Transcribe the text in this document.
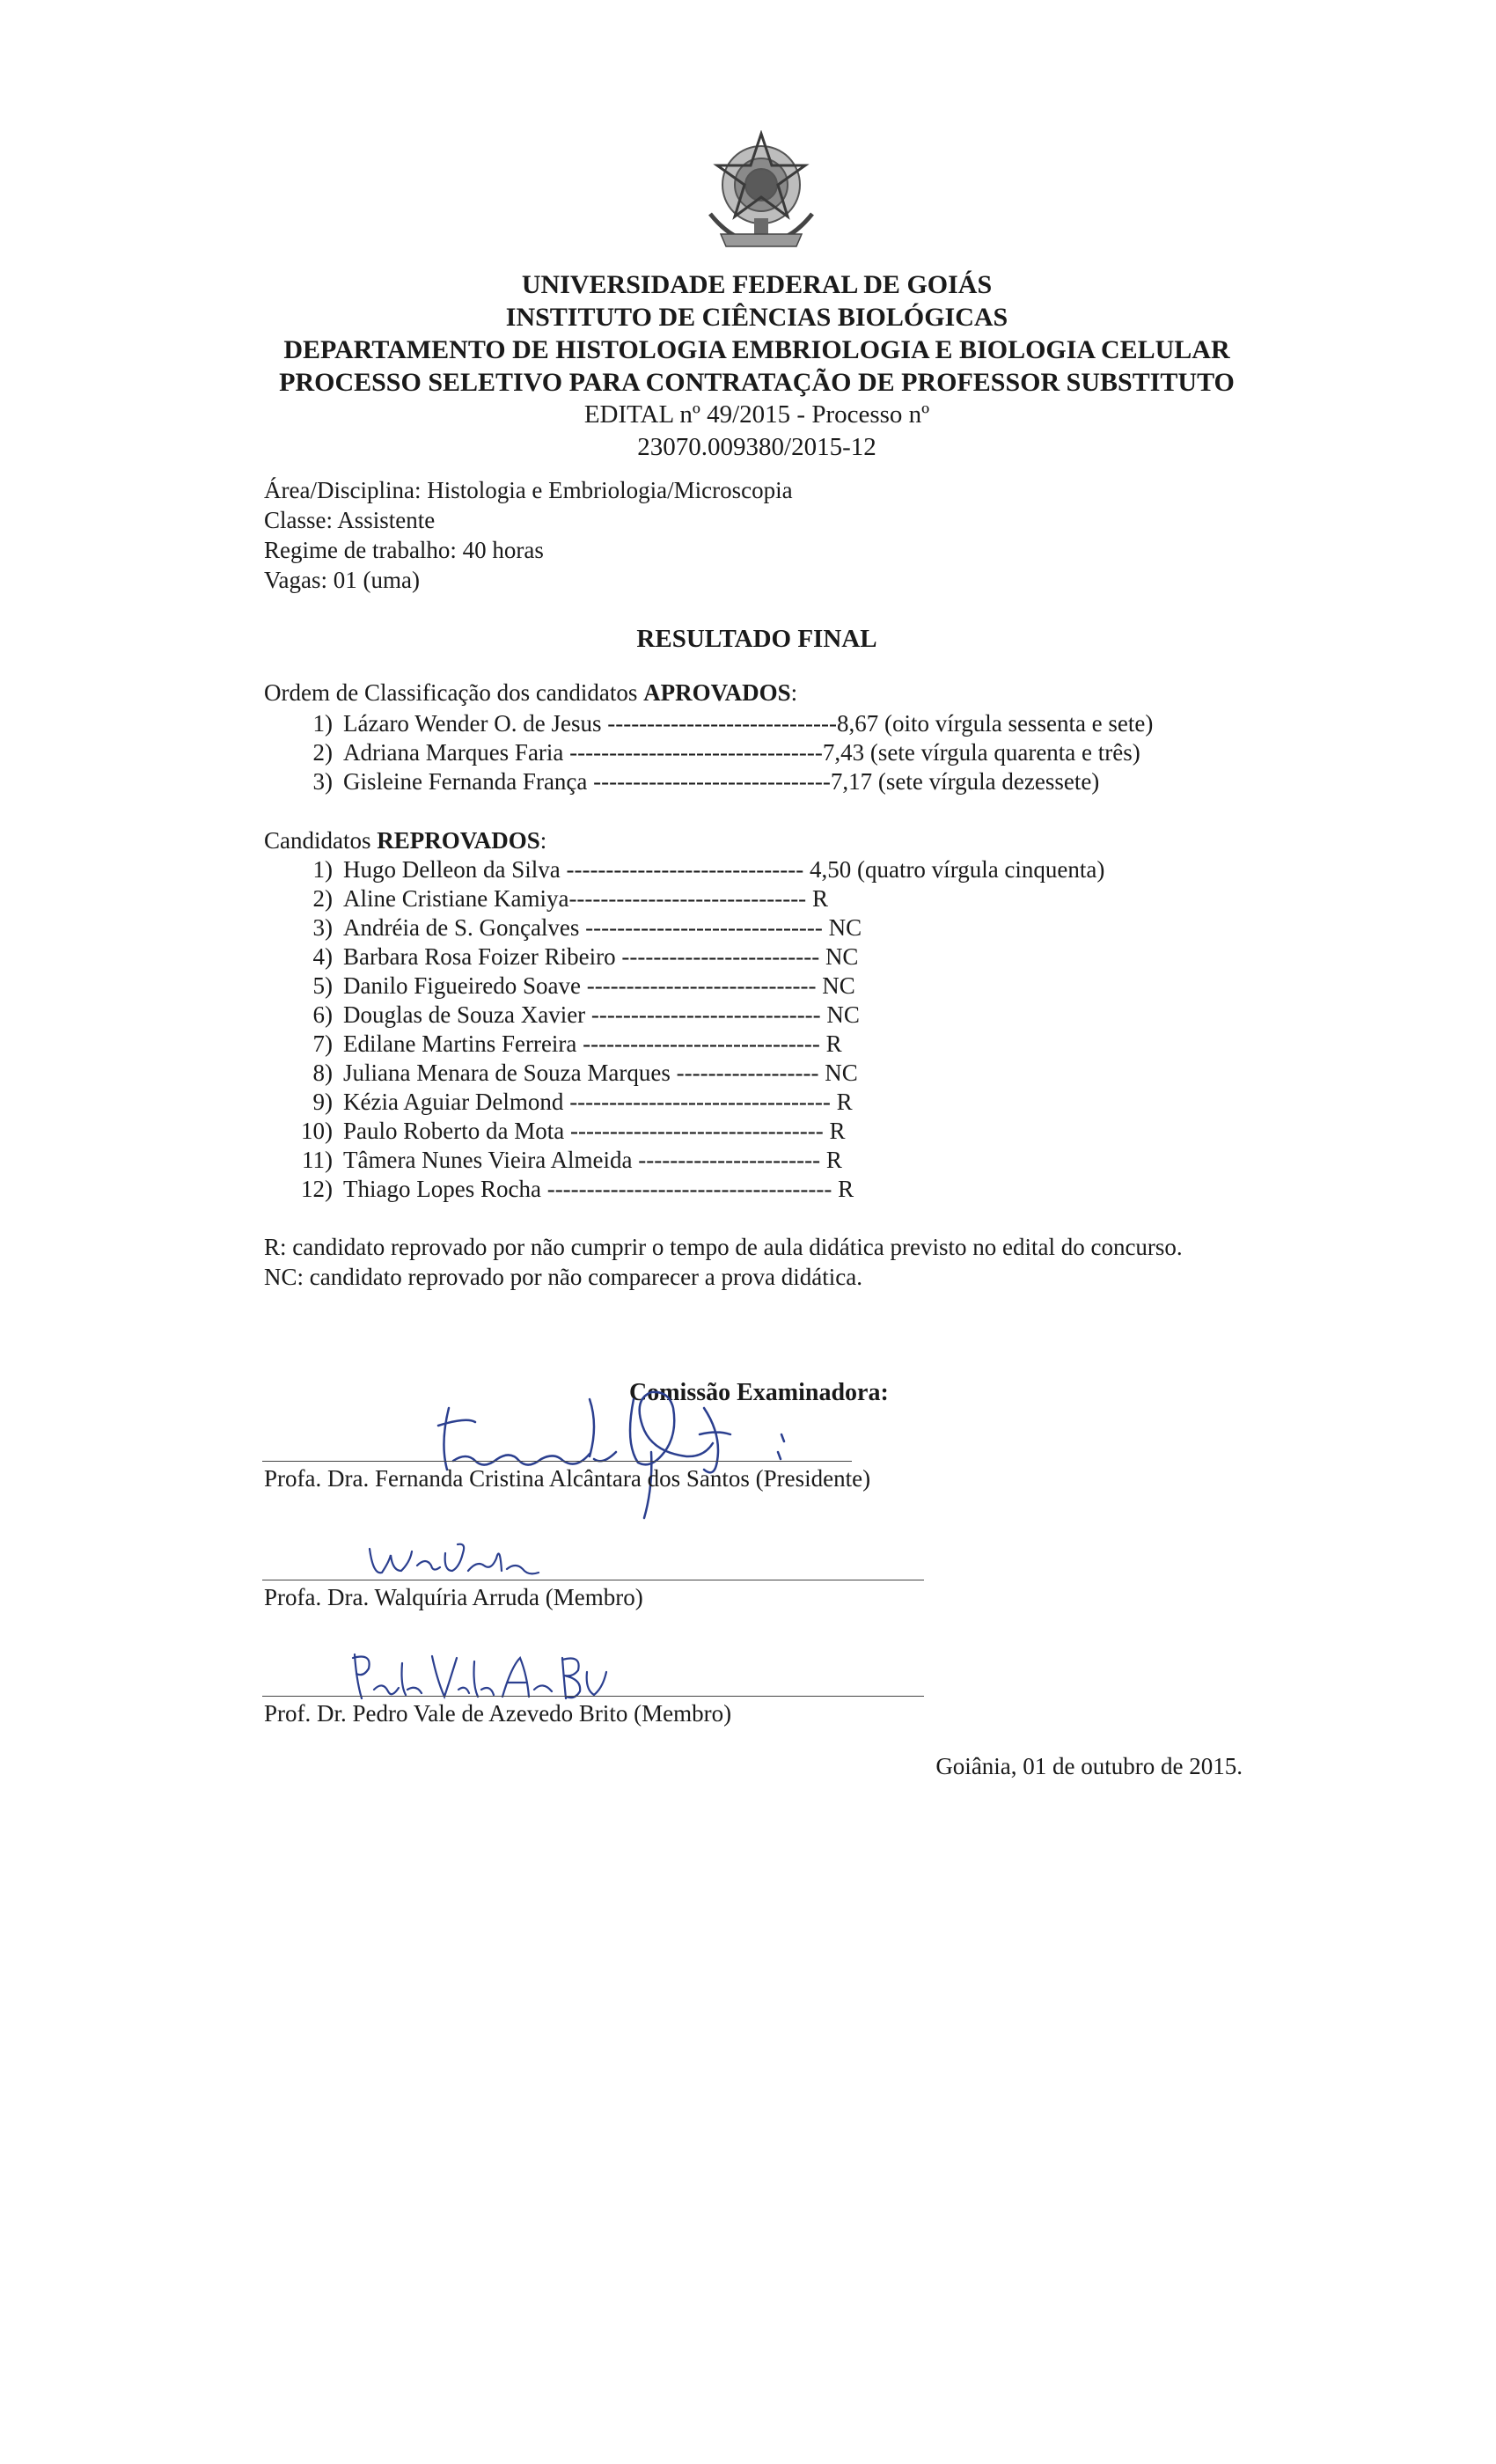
UNIVERSIDADE FEDERAL DE GOIÁS
INSTITUTO DE CIÊNCIAS BIOLÓGICAS
DEPARTAMENTO DE HISTOLOGIA EMBRIOLOGIA E BIOLOGIA CELULAR
PROCESSO SELETIVO PARA CONTRATAÇÃO DE PROFESSOR SUBSTITUTO
EDITAL nº 49/2015 - Processo nº
23070.009380/2015-12
Área/Disciplina: Histologia e Embriologia/Microscopia
Classe: Assistente
Regime de trabalho: 40 horas
Vagas: 01 (uma)
RESULTADO FINAL
Ordem de Classificação dos candidatos APROVADOS:
1) Lázaro Wender O. de Jesus
----------------------------- 8,67 (oito vírgula sessenta e sete)
2) Adriana Marques Faria
-------------------------------- 7,43 (sete vírgula quarenta e três)
3) Gisleine Fernanda França
------------------------------ 7,17 (sete vírgula dezessete)
Candidatos REPROVADOS:
1) Hugo Delleon da Silva
------------------------------
4,50 (quatro vírgula cinquenta)
2) Aline Cristiane Kamiya ------------------------------
R
3) Andréia de S. Gonçalves
------------------------------
NC
4) Barbara Rosa Foizer Ribeiro
-------------------------
NC
5) Danilo Figueiredo Soave
-----------------------------
NC
6) Douglas de Souza Xavier
-----------------------------
NC
7) Edilane Martins Ferreira
------------------------------
R
8) Juliana Menara de Souza Marques
------------------
NC
9) Kézia Aguiar Delmond
---------------------------------
R
10) Paulo Roberto da Mota
--------------------------------
R
11) Tâmera Nunes Vieira Almeida
-----------------------
R
12) Thiago Lopes Rocha
------------------------------------
R
R: candidato reprovado por não cumprir o tempo de aula didática previsto no edital do concurso.
NC: candidato reprovado por não comparecer a prova didática.
Comissão Examinadora:
Profa. Dra. Fernanda Cristina Alcântara dos Santos (Presidente)
Profa. Dra. Walquíria Arruda (Membro)
Prof. Dr. Pedro Vale de Azevedo Brito (Membro)
Goiânia, 01 de outubro de 2015.
